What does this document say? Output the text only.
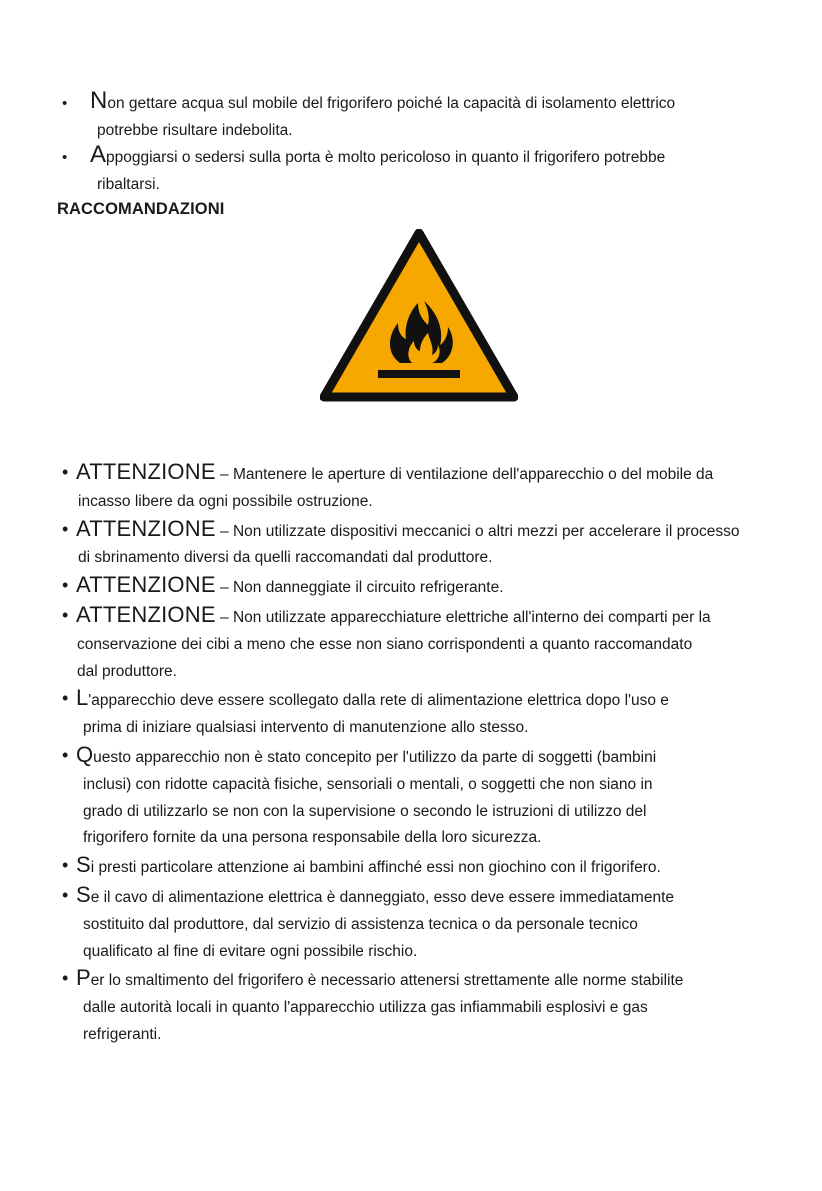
• Non gettare acqua sul mobile del frigorifero poiché la capacità di isolamento elettrico
potrebbe risultare indebolita.
• Appoggiarsi o sedersi sulla porta è molto pericoloso in quanto il frigorifero potrebbe
ribaltarsi.
RACCOMANDAZIONI
• ATTENZIONE – Mantenere le aperture di ventilazione dell'apparecchio o del mobile da
incasso libere da ogni possibile ostruzione.
• ATTENZIONE – Non utilizzate dispositivi meccanici o altri mezzi per accelerare il processo
di sbrinamento diversi da quelli raccomandati dal produttore.
• ATTENZIONE – Non danneggiate il circuito refrigerante.
• ATTENZIONE – Non utilizzate apparecchiature elettriche all'interno dei comparti per la
conservazione dei cibi a meno che esse non siano corrispondenti a quanto raccomandato
dal produttore.
• L'apparecchio deve essere scollegato dalla rete di alimentazione elettrica dopo l'uso e
prima di iniziare qualsiasi intervento di manutenzione allo stesso.
• Questo apparecchio non è stato concepito per l'utilizzo da parte di soggetti (bambini
inclusi) con ridotte capacità fisiche, sensoriali o mentali, o soggetti che non siano in
grado di utilizzarlo se non con la supervisione o secondo le istruzioni di utilizzo del
frigorifero fornite da una persona responsabile della loro sicurezza.
• Si presti particolare attenzione ai bambini affinché essi non giochino con il frigorifero.
• Se il cavo di alimentazione elettrica è danneggiato, esso deve essere immediatamente
sostituito dal produttore, dal servizio di assistenza tecnica o da personale tecnico
qualificato al fine di evitare ogni possibile rischio.
• Per lo smaltimento del frigorifero è necessario attenersi strettamente alle norme stabilite
dalle autorità locali in quanto l'apparecchio utilizza gas infiammabili esplosivi e gas
refrigeranti.
